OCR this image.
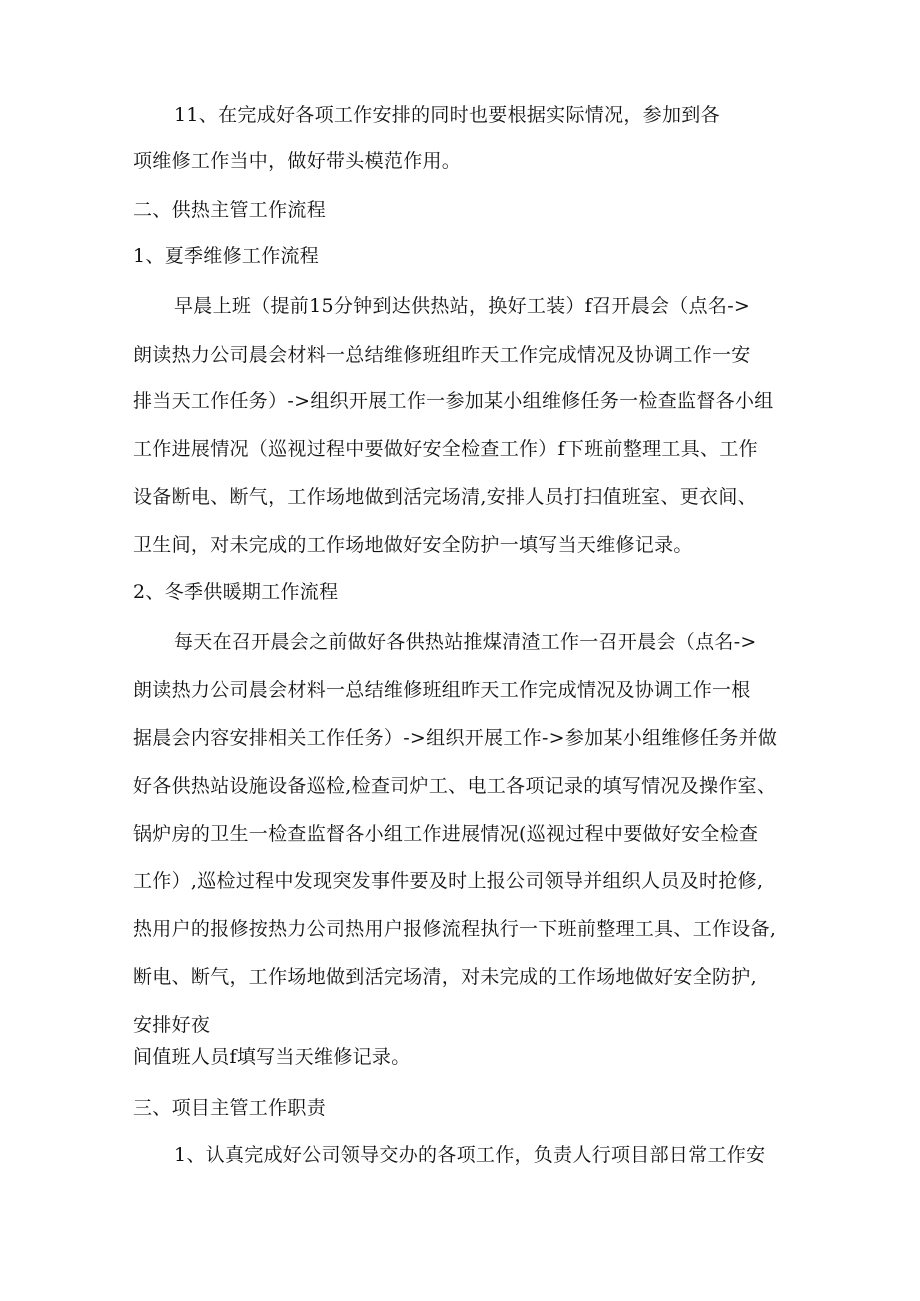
11、在完成好各项工作安排的同时也要根据实际情况，参加到各
项维修工作当中，做好带头模范作用。
二、供热主管工作流程
1、夏季维修工作流程
早晨上班（提前15分钟到达供热站，换好工装）f召开晨会（点名->
朗读热力公司晨会材料一总结维修班组昨天工作完成情况及协调工作一安
排当天工作任务）->组织开展工作一参加某小组维修任务一检查监督各小组
工作进展情况（巡视过程中要做好安全检查工作）f下班前整理工具、工作
设备断电、断气，工作场地做到活完场清,安排人员打扫值班室、更衣间、
卫生间，对未完成的工作场地做好安全防护一填写当天维修记录。
2、冬季供暖期工作流程
每天在召开晨会之前做好各供热站推煤清渣工作一召开晨会（点名->
朗读热力公司晨会材料一总结维修班组昨天工作完成情况及协调工作一根
据晨会内容安排相关工作任务）->组织开展工作->参加某小组维修任务并做
好各供热站设施设备巡检,检查司炉工、电工各项记录的填写情况及操作室、
锅炉房的卫生一检查监督各小组工作进展情况(巡视过程中要做好安全检查
工作）,巡检过程中发现突发事件要及时上报公司领导并组织人员及时抢修,
热用户的报修按热力公司热用户报修流程执行一下班前整理工具、工作设备,
断电、断气，工作场地做到活完场清，对未完成的工作场地做好安全防护,
安排好夜
间值班人员f填写当天维修记录。
三、项目主管工作职责
1、认真完成好公司领导交办的各项工作，负责人行项目部日常工作安
